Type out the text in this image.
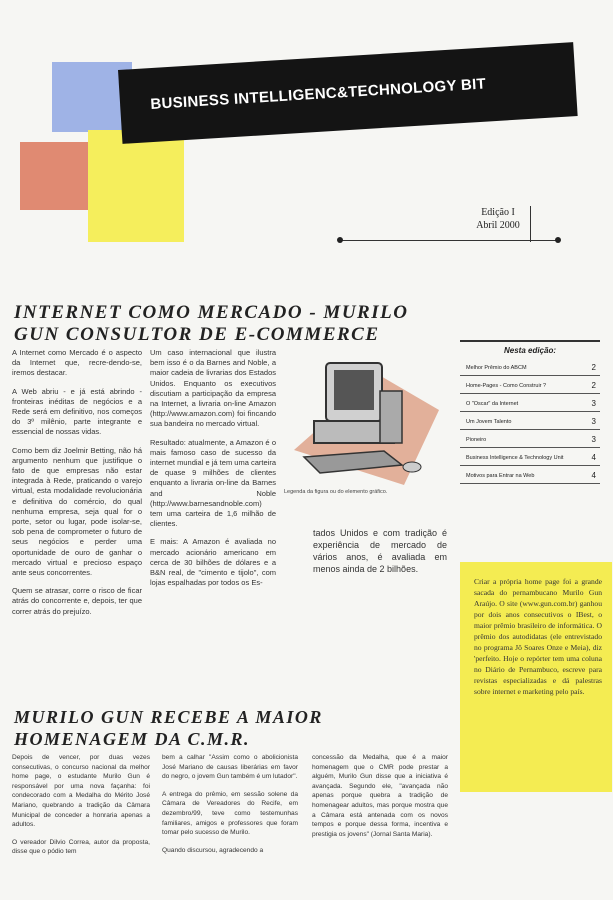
BUSINESS INTELLIGENC&TECHNOLOGY BIT
Edição I
Abril 2000
INTERNET COMO MERCADO - MURILO GUN CONSULTOR DE E-COMMERCE

A Internet como Mercado é o aspecto da Internet que, recre-dendo-se, iremos destacar.

A Web abriu - e já está abrindo - fronteiras inéditas de negócios e a Rede será em definitivo, nos começos do 3º milênio, parte integrante e essencial de nossas vidas.

Como bem diz Joelmir Betting, não há argumento nenhum que justifique o fato de que empresas não estar integrada à Rede, praticando o varejo virtual, esta modalidade revolucionária e definitiva do comércio, do qual nenhuma empresa, seja qual for o porte, setor ou lugar, pode isolar-se, sob pena de comprometer o futuro de seus negócios e perder uma oportunidade de ouro de ganhar o mercado virtual e precioso espaço ante seus concorrentes.

Quem se atrasar, corre o risco de ficar atrás do concorrente e, depois, ter que correr atrás do prejuízo.

Um caso internacional que ilustra bem isso é o da Barnes and Noble, a maior cadeia de livrarias dos Estados Unidos. Enquanto os executivos discutiam a participação da empresa na Internet, a livraria on-line Amazon (http://www.amazon.com) foi fincando sua bandeira no mercado virtual.

Resultado: atualmente, a Amazon é o mais famoso caso de sucesso da internet mundial e já tem uma carteira de quase 9 milhões de clientes enquanto a livraria on-line da Barnes and Noble (http://www.barnesandnoble.com) tem uma carteira de 1,6 milhão de clientes.

E mais: A Amazon é avaliada no mercado acionário americano em cerca de 30 bilhões de dólares e a B&N real, de "cimento e tijolo", com lojas espalhadas por todos os Es-

Legenda da figura ou do elemento gráfico.

tados Unidos e com tradição é experiência de mercado de vários anos, é avaliada em menos ainda de 2 bilhões.

Nesta edição:
Melhor Prêmio do ABCM	2
Home-Pages - Como Construir ?	2
O "Oscar" da Internet	3
Um Jovem Talento	3
Pioneiro	3
Business Intelligence & Technology Unit	4
Motivos para Entrar na Web	4
Criar a própria home page foi a grande sacada do pernambucano Murilo Gun Araújo. O site (www.gun.com.br) ganhou por dois anos consecutivos o IBest, o maior prêmio brasileiro de informática. O prêmio dos autodidatas (ele entrevistado no programa Jô Soares Onze e Meia), diz 'perfeito. Hoje o repórter tem uma coluna no Diário de Pernambuco, escreve para revistas especializadas e dá palestras sobre internet e marketing pelo país.
MURILO GUN RECEBE A MAIOR HOMENAGEM DA C.M.R.

Depois de vencer, por duas vezes consecutivas, o concurso nacional da melhor home page, o estudante Murilo Gun é responsável por uma nova façanha: foi condecorado com a Medalha do Mérito José Mariano, quebrando a tradição da Câmara Municipal de conceder a honraria apenas a adultos.

O vereador Dilvio Correa, autor da proposta, disse que o pódio tem

bem a calhar "Assim como o abolicionista José Mariano de causas liberárias em favor do negro, o jovem Gun também é um lutador".

A entrega do prêmio, em sessão solene da Câmara de Vereadores do Recife, em dezembro/99, teve como testemunhas familiares, amigos e professores que foram tomar pelo sucesso de Murilo.

Quando discursou, agradecendo a

concessão da Medalha, que é a maior homenagem que o CMR pode prestar a alguém, Murilo Gun disse que a iniciativa é avançada. Segundo ele, "avançada não apenas porque quebra a tradição de homenagear adultos, mas porque mostra que a Câmara está antenada com os novos tempos e porque dessa forma, incentiva e prestigia os jovens" (Jornal Santa Maria).
